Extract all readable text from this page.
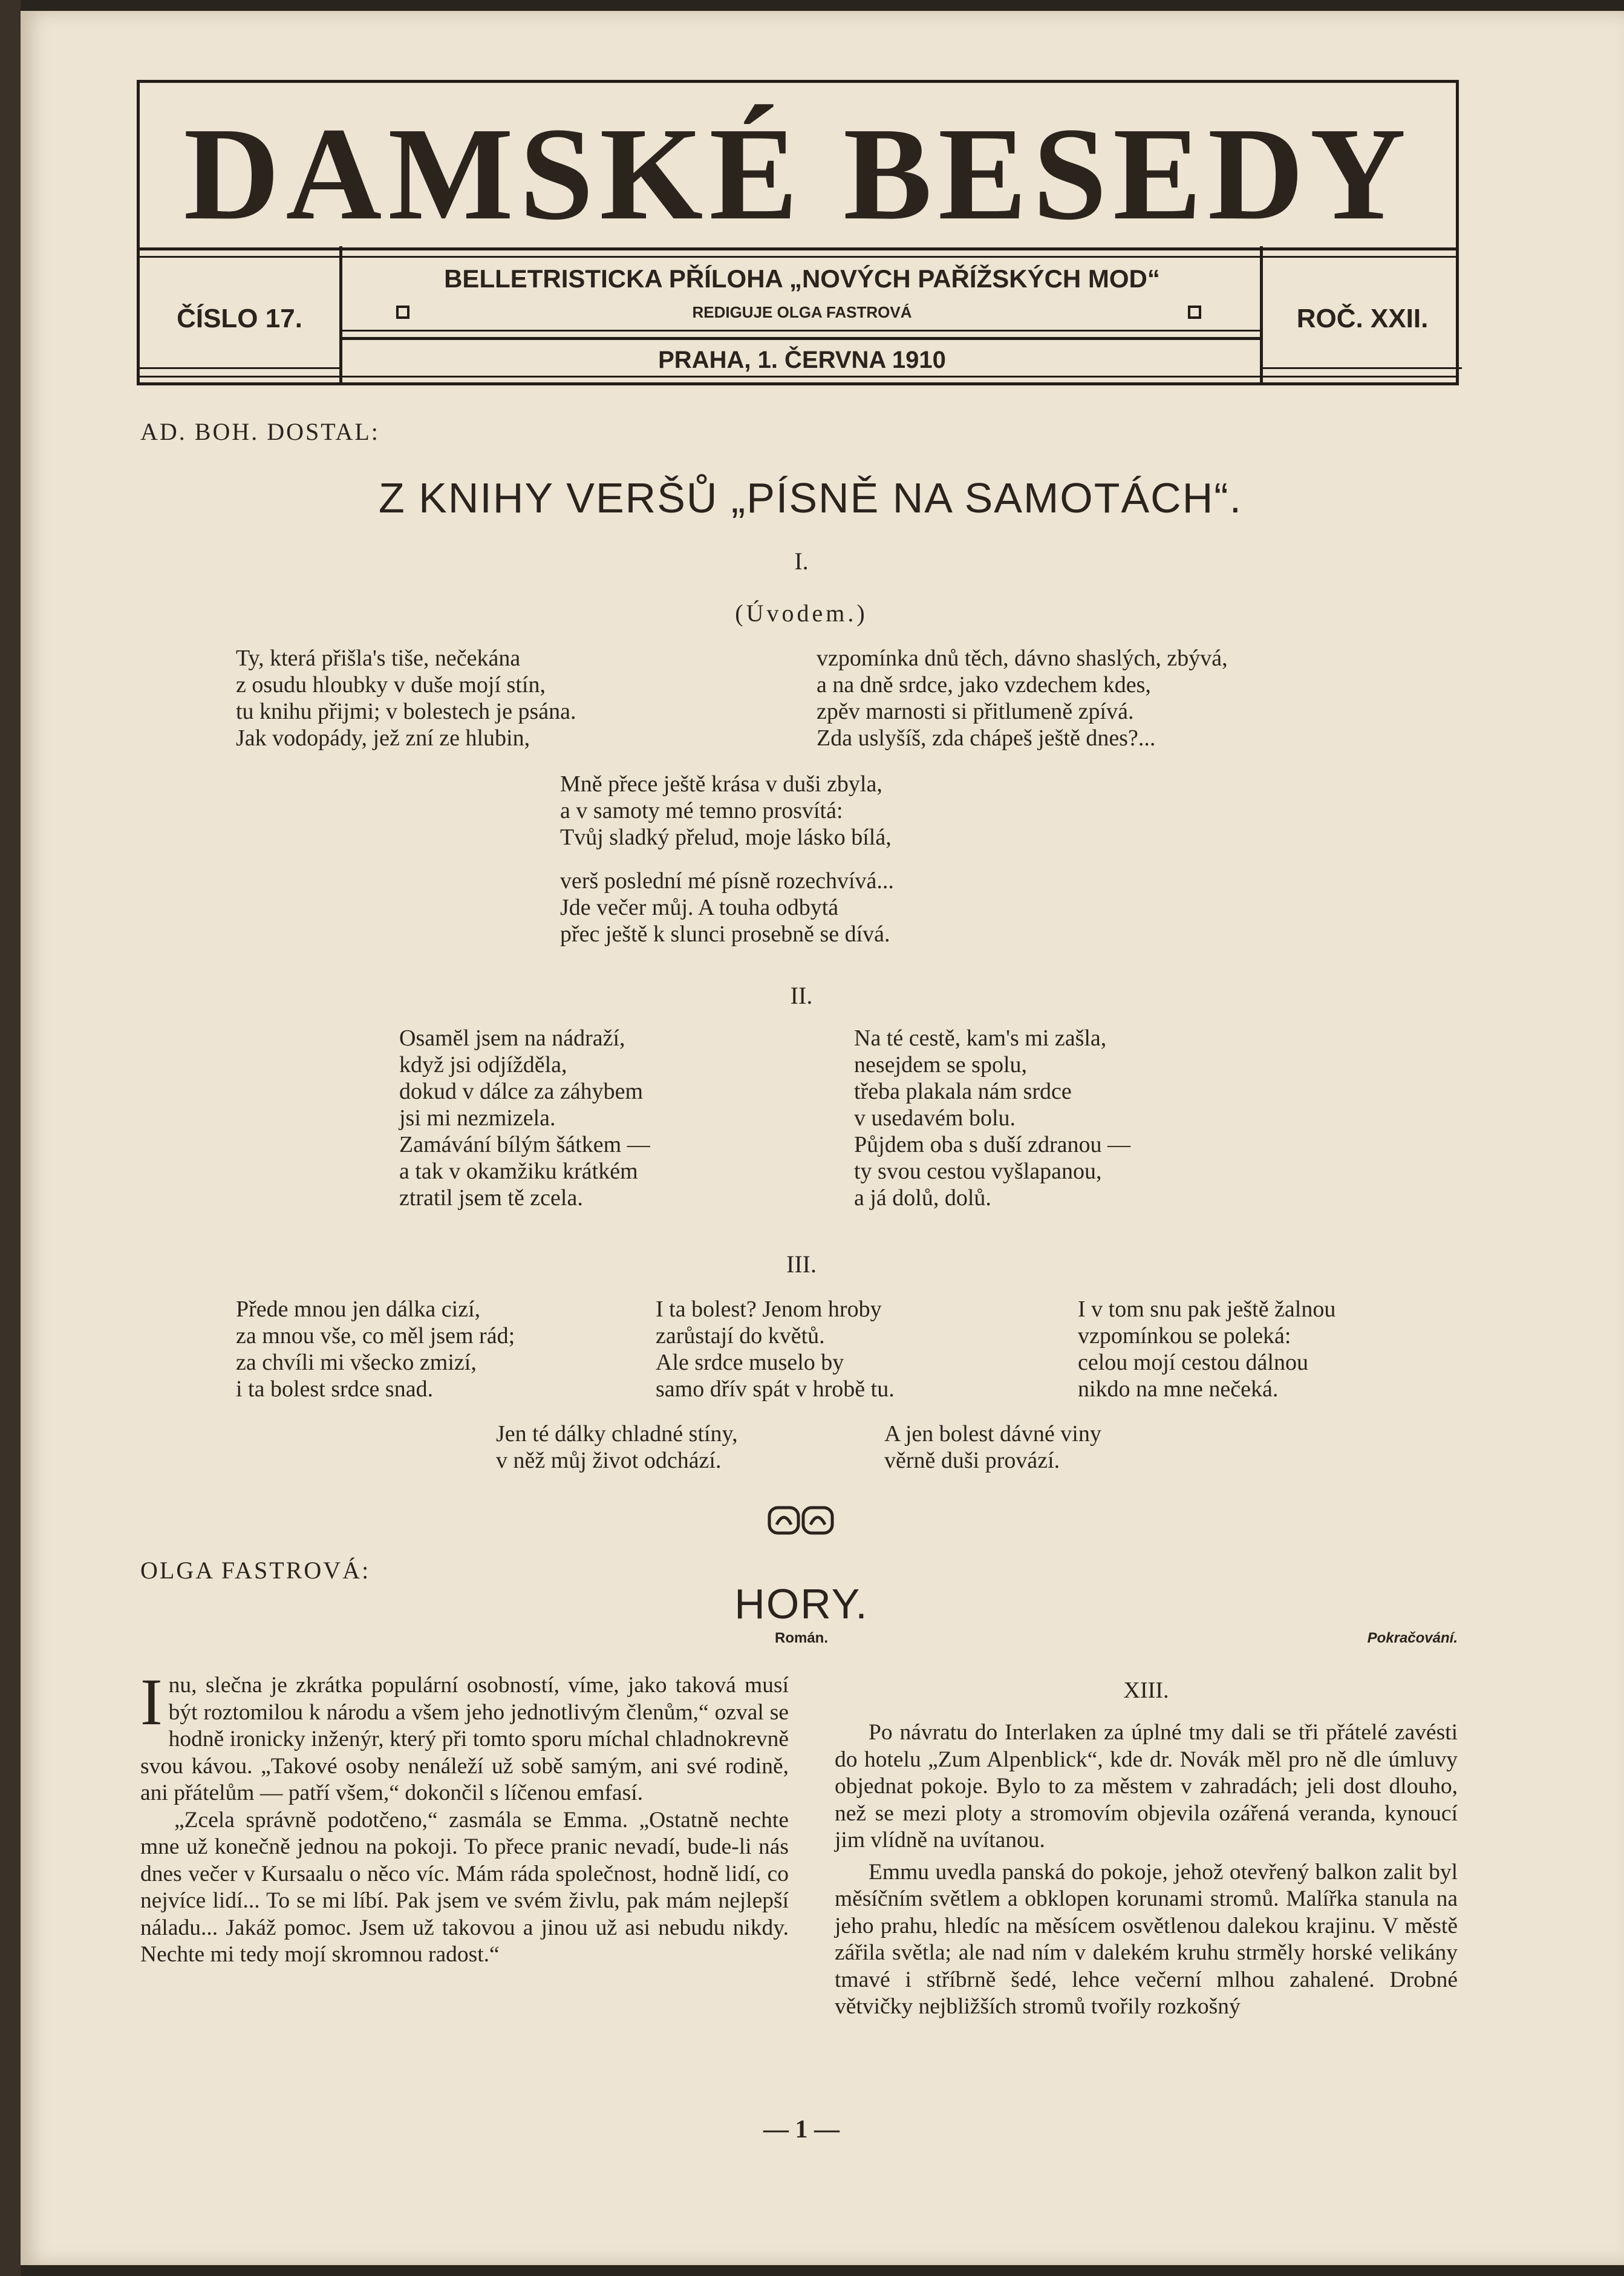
DAMSKÉ BESEDY
ČÍSLO 17.	ROČ. XXII.
BELLETRISTICKA PŘÍLOHA „NOVÝCH PAŘÍŽSKÝCH MOD“
REDIGUJE OLGA FASTROVÁ
PRAHA, 1. ČERVNA 1910
AD. BOH. DOSTAL:
Z KNIHY VERŠŮ „PÍSNĚ NA SAMOTÁCH“.
I.
(Úvodem.)
Ty, která přišla's tiše, nečekána
z osudu hloubky v duše mojí stín,
tu knihu přijmi; v bolestech je psána.
Jak vodopády, jež zní ze hlubin,
vzpomínka dnů těch, dávno shaslých, zbývá,
a na dně srdce, jako vzdechem kdes,
zpěv marnosti si přitlumeně zpívá.
Zda uslyšíš, zda chápeš ještě dnes?...
Mně přece ještě krása v duši zbyla,
a v samoty mé temno prosvítá:
Tvůj sladký přelud, moje lásko bílá,
verš poslední mé písně rozechvívá...
Jde večer můj. A touha odbytá
přec ještě k slunci prosebně se dívá.
II.
Osamĕl jsem na nádraží,
když jsi odjížděla,
dokud v dálce za záhybem
jsi mi nezmizela.
Zamávání bílým šátkem —
a tak v okamžiku krátkém
ztratil jsem tě zcela.
Na té cestě, kam's mi zašla,
nesejdem se spolu,
třeba plakala nám srdce
v usedavém bolu.
Půjdem oba s duší zdranou —
ty svou cestou vyšlapanou,
a já dolů, dolů.
III.
Přede mnou jen dálka cizí,
za mnou vše, co měl jsem rád;
za chvíli mi všecko zmizí,
i ta bolest srdce snad.
I ta bolest? Jenom hroby
zarůstají do květů.
Ale srdce muselo by
samo dřív spát v hrobě tu.
I v tom snu pak ještě žalnou
vzpomínkou se poleká:
celou mojí cestou dálnou
nikdo na mne nečeká.
Jen té dálky chladné stíny,
v něž můj život odchází.
A jen bolest dávné viny
věrně duši provází.
OLGA FASTROVÁ:
HORY.
Román.	Pokračování.

Inu, slečna je zkrátka populární osobností, víme, jako taková musí být roztomilou k národu a všem jeho jednotlivým členům,“ ozval se hodně ironicky inženýr, který při tomto sporu míchal chladnokrevně svou kávou. „Takové osoby nenáleží už sobě samým, ani své rodině, ani přátelům — patří všem,“ dokončil s líčenou emfasí.

„Zcela správně podotčeno,“ zasmála se Emma. „Ostatně nechte mne už konečně jednou na pokoji. To přece pranic nevadí, bude-li nás dnes večer v Kursaalu o něco víc. Mám ráda společnost, hodně lidí, co nejvíce lidí... To se mi líbí. Pak jsem ve svém živlu, pak mám nejlepší náladu... Jakáž pomoc. Jsem už takovou a jinou už asi nebudu nikdy. Nechte mi tedy mojí skromnou radost.“

XIII.

Po návratu do Interlaken za úplné tmy dali se tři přátelé zavésti do hotelu „Zum Alpenblick“, kde dr. Novák měl pro ně dle úmluvy objednat pokoje. Bylo to za městem v zahradách; jeli dost dlouho, než se mezi ploty a stromovím objevila ozářená veranda, kynoucí jim vlídně na uvítanou.

Emmu uvedla panská do pokoje, jehož otevřený balkon zalit byl měsíčním světlem a obklopen korunami stromů. Malířka stanula na jeho prahu, hledíc na měsícem osvětlenou dalekou krajinu. V městě zářila světla; ale nad ním v dalekém kruhu strměly horské velikány tmavé i stříbrně šedé, lehce večerní mlhou zahalené. Drobné větvičky nejbližších stromů tvořily rozkošný

— 1 —
